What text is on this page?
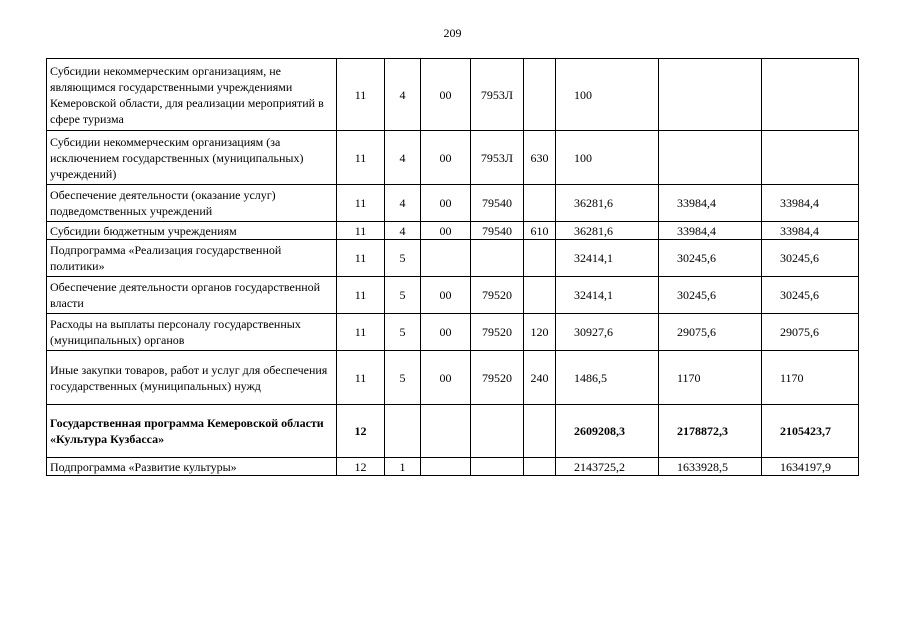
209
Субсидии некоммерческим организациям, не являющимся государственными учреждениями Кемеровской области, для реализации мероприятий в сфере туризма	11	4	00	7953Л		100		
Субсидии некоммерческим организациям (за исключением государственных (муниципальных) учреждений)	11	4	00	7953Л	630	100		
Обеспечение деятельности (оказание услуг) подведомственных учреждений	11	4	00	79540		36281,6	33984,4	33984,4
Субсидии бюджетным учреждениям	11	4	00	79540	610	36281,6	33984,4	33984,4
Подпрограмма «Реализация государственной политики»	11	5				32414,1	30245,6	30245,6
Обеспечение деятельности органов государственной власти	11	5	00	79520		32414,1	30245,6	30245,6
Расходы на выплаты персоналу государственных (муниципальных) органов	11	5	00	79520	120	30927,6	29075,6	29075,6
Иные закупки товаров, работ и услуг для обеспечения государственных (муниципальных) нужд	11	5	00	79520	240	1486,5	1170	1170
Государственная программа Кемеровской области «Культура Кузбасса»	12					2609208,3	2178872,3	2105423,7
Подпрограмма «Развитие культуры»	12	1				2143725,2	1633928,5	1634197,9
